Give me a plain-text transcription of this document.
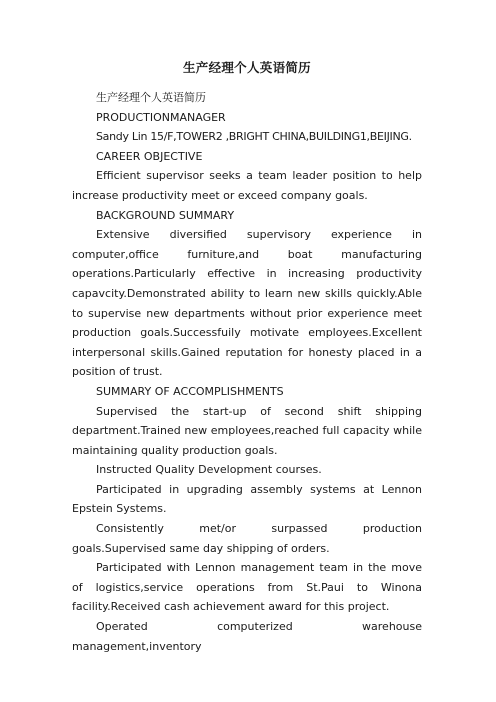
生产经理个人英语简历

生产经理个人英语简历

PRODUCTIONMANAGER

Sandy Lin 15/F,TOWER2 ,BRIGHT CHINA,BUILDING1,BEIJING.

CAREER OBJECTIVE

Efficient supervisor seeks a team leader position to help increase productivity meet or exceed company goals.

BACKGROUND SUMMARY

Extensive diversified supervisory experience in computer,office furniture,and boat manufacturing operations.Particularly effective in increasing productivity capavcity.Demonstrated ability to learn new skills quickly.Able to supervise new departments without prior experience meet production goals.Successfuily motivate employees.Excellent interpersonal skills.Gained reputation for honesty placed in a position of trust.

SUMMARY OF ACCOMPLISHMENTS

Supervised the start-up of second shift shipping department.Trained new employees,reached full capacity while maintaining quality production goals.

Instructed Quality Development courses.

Participated in upgrading assembly systems at Lennon Epstein Systems.

Consistently met/or surpassed production goals.Supervised same day shipping of orders.

Participated with Lennon management team in the move of logistics,service operations from St.Paui to Winona facility.Received cash achievement award for this project.

Operated computerized warehouse management,inventory
